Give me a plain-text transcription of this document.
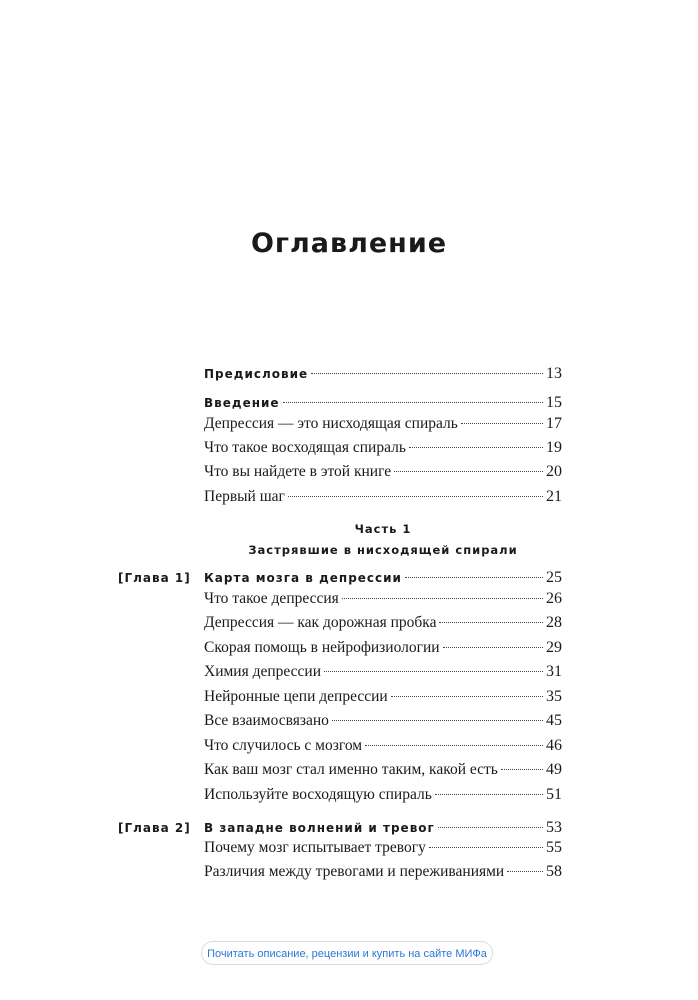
Оглавление
Предисловие	13
Введение	15
Депрессия — это нисходящая спираль	17
Что такое восходящая спираль	19
Что вы найдете в этой книге	20
Первый шаг	21
Часть 1
Застрявшие в нисходящей спирали
[Глава 1] Карта мозга в депрессии	25
Что такое депрессия	26
Депрессия — как дорожная пробка	28
Скорая помощь в нейрофизиологии	29
Химия депрессии	31
Нейронные цепи депрессии	35
Все взаимосвязано	45
Что случилось с мозгом	46
Как ваш мозг стал именно таким, какой есть	49
Используйте восходящую спираль	51
[Глава 2] В западне волнений и тревог	53
Почему мозг испытывает тревогу	55
Различия между тревогами и переживаниями	58
Почитать описание, рецензии и купить на сайте МИФа
